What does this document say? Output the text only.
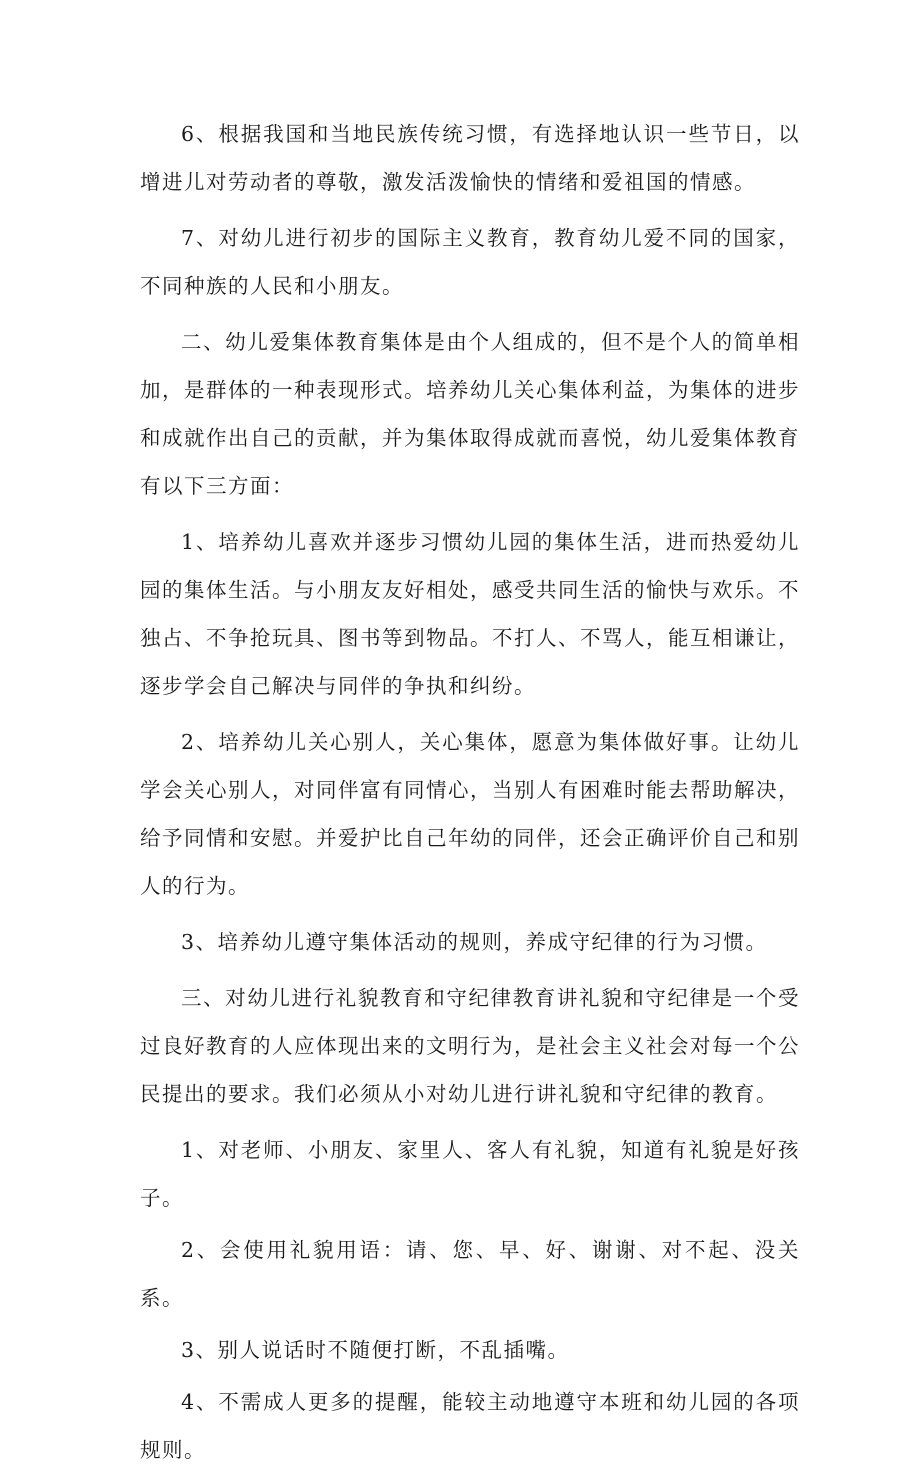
6、根据我国和当地民族传统习惯，有选择地认识一些节日，以增进儿对劳动者的尊敬，激发活泼愉快的情绪和爱祖国的情感。

7、对幼儿进行初步的国际主义教育，教育幼儿爱不同的国家，不同种族的人民和小朋友。

二、幼儿爱集体教育集体是由个人组成的，但不是个人的简单相加，是群体的一种表现形式。培养幼儿关心集体利益，为集体的进步和成就作出自己的贡献，并为集体取得成就而喜悦，幼儿爱集体教育有以下三方面：

1、培养幼儿喜欢并逐步习惯幼儿园的集体生活，进而热爱幼儿园的集体生活。与小朋友友好相处，感受共同生活的愉快与欢乐。不独占、不争抢玩具、图书等到物品。不打人、不骂人，能互相谦让，逐步学会自己解决与同伴的争执和纠纷。

2、培养幼儿关心别人，关心集体，愿意为集体做好事。让幼儿学会关心别人，对同伴富有同情心，当别人有困难时能去帮助解决，给予同情和安慰。并爱护比自己年幼的同伴，还会正确评价自己和别人的行为。

3、培养幼儿遵守集体活动的规则，养成守纪律的行为习惯。

三、对幼儿进行礼貌教育和守纪律教育讲礼貌和守纪律是一个受过良好教育的人应体现出来的文明行为，是社会主义社会对每一个公民提出的要求。我们必须从小对幼儿进行讲礼貌和守纪律的教育。

1、对老师、小朋友、家里人、客人有礼貌，知道有礼貌是好孩子。

2、会使用礼貌用语：请、您、早、好、谢谢、对不起、没关系。

3、别人说话时不随便打断，不乱插嘴。

4、不需成人更多的提醒，能较主动地遵守本班和幼儿园的各项规则。
